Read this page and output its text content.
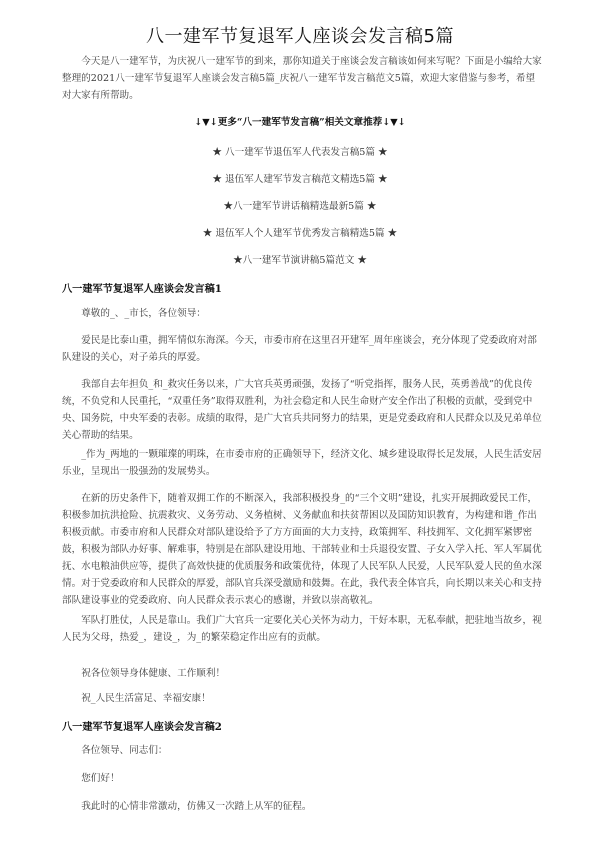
八一建军节复退军人座谈会发言稿5篇

今天是八一建军节，为庆祝八一建军节的到来，那你知道关于座谈会发言稿该如何来写呢？下面是小编给大家整理的2021八一建军节复退军人座谈会发言稿5篇_庆祝八一建军节发言稿范文5篇，欢迎大家借鉴与参考，希望对大家有所帮助。

↓▼↓更多“八一建军节发言稿”相关文章推荐↓▼↓

★ 八一建军节退伍军人代表发言稿5篇 ★

★ 退伍军人建军节发言稿范文精选5篇 ★

★八一建军节讲话稿精选最新5篇 ★

★ 退伍军人个人建军节优秀发言稿精选5篇 ★

★八一建军节演讲稿5篇范文 ★

八一建军节复退军人座谈会发言稿1

尊敬的_、_市长，各位领导：

爱民是比泰山重，拥军情似东海深。今天，市委市府在这里召开建军_周年座谈会，充分体现了党委政府对部队建设的关心，对子弟兵的厚爱。

我部自去年担负_和_救灾任务以来，广大官兵英勇顽强，发扬了“听党指挥，服务人民，英勇善战”的优良传统，不负党和人民重托，“双重任务”取得双胜利，为社会稳定和人民生命财产安全作出了积极的贡献，受到党中央、国务院，中央军委的表彰。成绩的取得，是广大官兵共同努力的结果，更是党委政府和人民群众以及兄弟单位关心帮助的结果。

_作为_两地的一颗璀璨的明珠，在市委市府的正确领导下，经济文化、城乡建设取得长足发展，人民生活安居乐业，呈现出一股强劲的发展势头。

在新的历史条件下，随着双拥工作的不断深入，我部积极投身_的“三个文明”建设，扎实开展拥政爱民工作，积极参加抗洪抢险、抗震救灾、义务劳动、义务植树、义务献血和扶贫帮困以及国防知识教育，为构建和谐_作出积极贡献。市委市府和人民群众对部队建设给予了方方面面的大力支持，政策拥军、科技拥军、文化拥军紧锣密鼓，积极为部队办好事、解难事，特别是在部队建设用地、干部转业和士兵退役安置、子女入学入托、军人军属优抚、水电粮油供应等，提供了高效快捷的优质服务和政策优待，体现了人民军队人民爱，人民军队爱人民的鱼水深情。对于党委政府和人民群众的厚爱，部队官兵深受激励和鼓舞。在此，我代表全体官兵，向长期以来关心和支持部队建设事业的党委政府、向人民群众表示衷心的感谢，并致以崇高敬礼。

军队打胜仗，人民是靠山。我们广大官兵一定要化关心关怀为动力，干好本职，无私奉献，把驻地当故乡，视人民为父母，热爱_，建设_，为_的繁荣稳定作出应有的贡献。

祝各位领导身体健康、工作顺利！

祝_人民生活富足、幸福安康！

八一建军节复退军人座谈会发言稿2

各位领导、同志们：

您们好！

我此时的心情非常激动，仿佛又一次踏上从军的征程。
